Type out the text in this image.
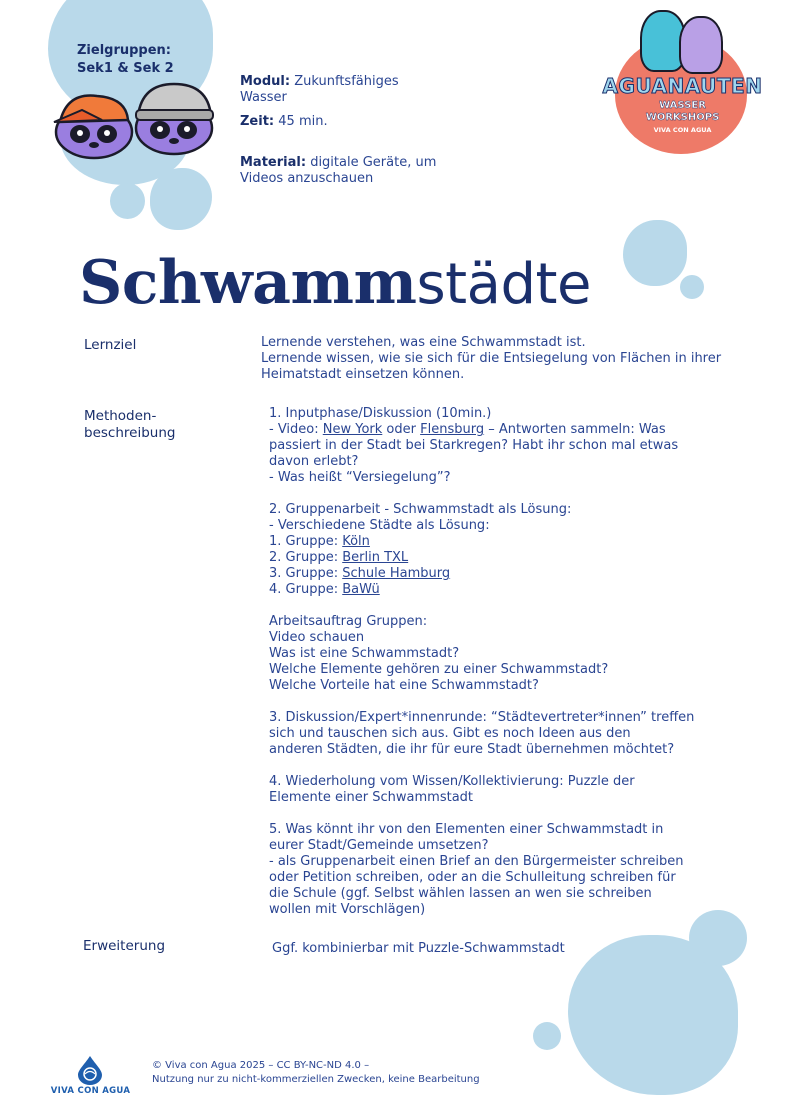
Zielgruppen:
Sek1 & Sek 2
Modul: Zukunftsfähiges Wasser
Zeit: 45 min.
Material: digitale Geräte, um Videos anzuschauen
AGUANAUTEN
WASSER
WORKSHOPS
VIVA CON AGUA
Schwammstädte
Lernziel	Lernende verstehen, was eine Schwammstadt ist.
Lernende wissen, wie sie sich für die Entsiegelung von Flächen in ihrer
Heimatstadt einsetzen können.
Methoden-
beschreibung
1. Inputphase/Diskussion (10min.)
- Video: New York oder Flensburg – Antworten sammeln: Was
passiert in der Stadt bei Starkregen? Habt ihr schon mal etwas
davon erlebt?
- Was heißt “Versiegelung”?
2. Gruppenarbeit - Schwammstadt als Lösung:
- Verschiedene Städte als Lösung:
1. Gruppe: Köln
2. Gruppe: Berlin TXL
3. Gruppe: Schule Hamburg
4. Gruppe: BaWü
Arbeitsauftrag Gruppen:
Video schauen
Was ist eine Schwammstadt?
Welche Elemente gehören zu einer Schwammstadt?
Welche Vorteile hat eine Schwammstadt?
3. Diskussion/Expert*innenrunde: “Städtevertreter*innen” treffen
sich und tauschen sich aus. Gibt es noch Ideen aus den
anderen Städten, die ihr für eure Stadt übernehmen möchtet?
4. Wiederholung vom Wissen/Kollektivierung: Puzzle der
Elemente einer Schwammstadt
5. Was könnt ihr von den Elementen einer Schwammstadt in
eurer Stadt/Gemeinde umsetzen?
- als Gruppenarbeit einen Brief an den Bürgermeister schreiben
oder Petition schreiben, oder an die Schulleitung schreiben für
die Schule (ggf. Selbst wählen lassen an wen sie schreiben
wollen mit Vorschlägen)
Erweiterung	Ggf. kombinierbar mit Puzzle-Schwammstadt
VIVA CON AGUA
© Viva con Agua 2025 – CC BY-NC-ND 4.0 –
Nutzung nur zu nicht-kommerziellen Zwecken, keine Bearbeitung
